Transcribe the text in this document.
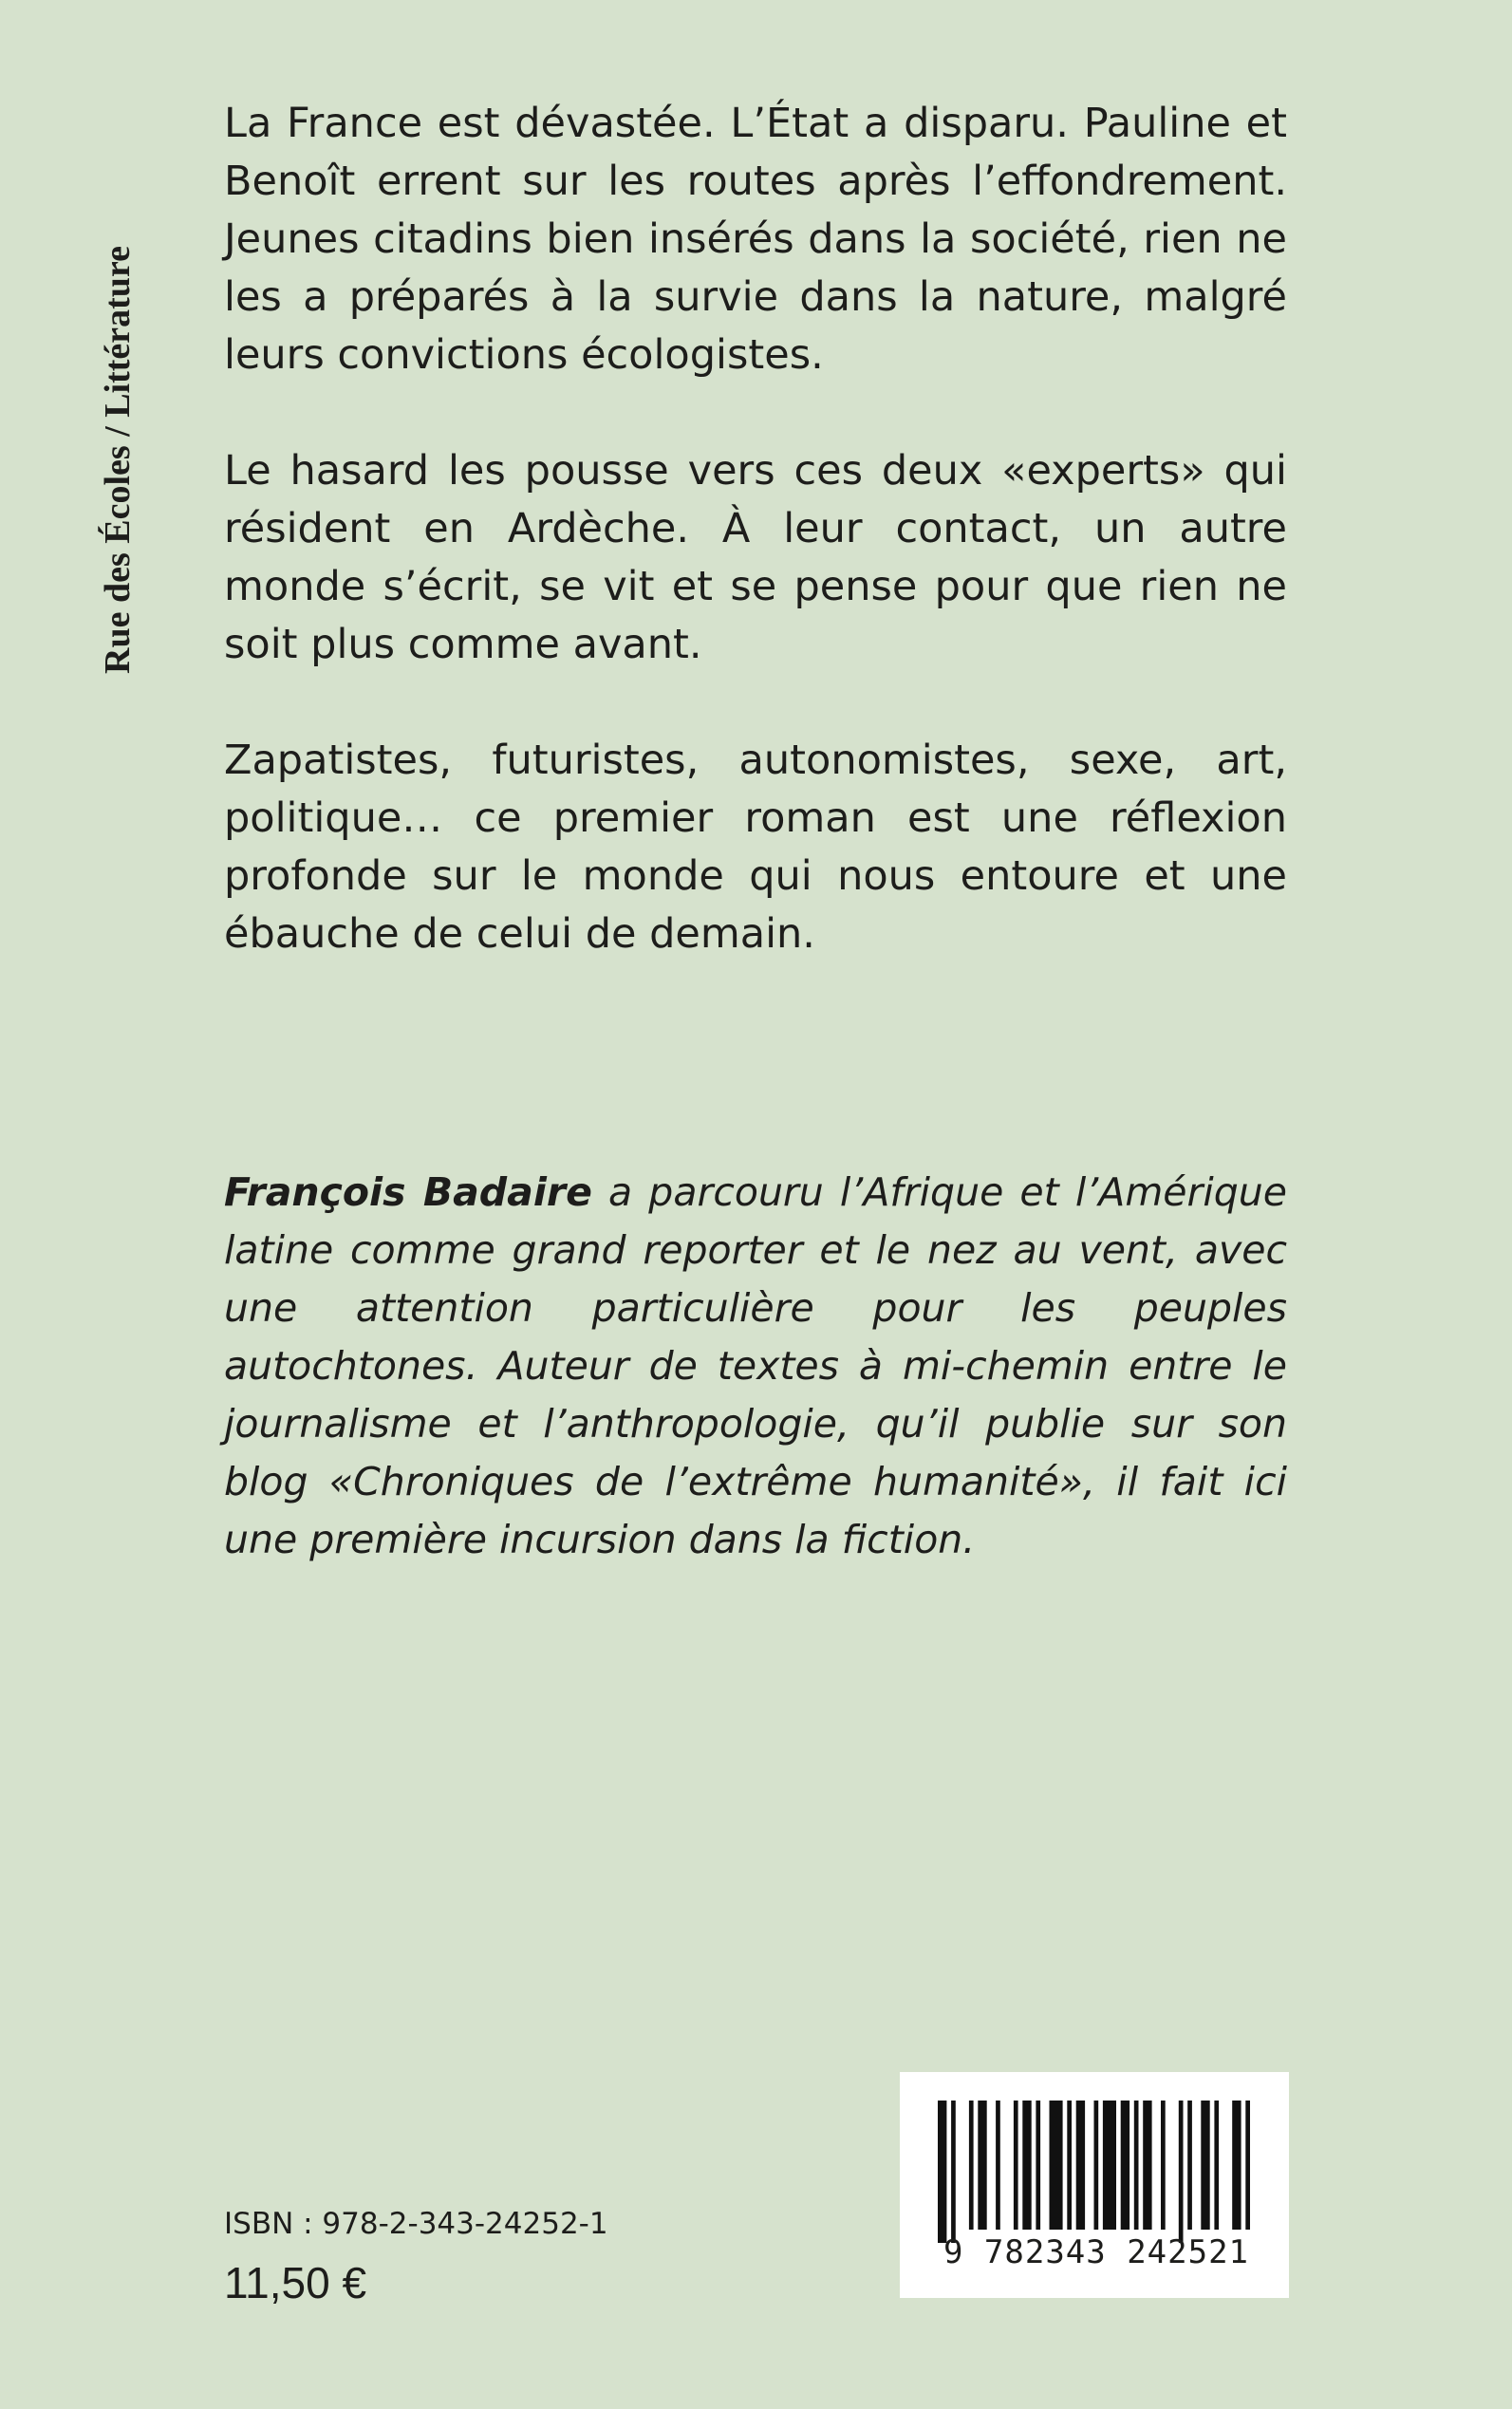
Rue des Écoles / Littérature

La France est dévastée. L’État a disparu. Pauline et Benoît errent sur les routes après l’effondrement. Jeunes citadins bien insérés dans la société, rien ne les a préparés à la survie dans la nature, malgré leurs convictions écologistes.

Le hasard les pousse vers ces deux «experts» qui résident en Ardèche. À leur contact, un autre monde s’écrit, se vit et se pense pour que rien ne soit plus comme avant.

Zapatistes, futuristes, autonomistes, sexe, art, politique… ce premier roman est une réflexion profonde sur le monde qui nous entoure et une ébauche de celui de demain.

François Badaire a parcouru l’Afrique et l’Amérique latine comme grand reporter et le nez au vent, avec une attention particulière pour les peuples autochtones. Auteur de textes à mi-chemin entre le journalisme et l’anthropologie, qu’il publie sur son blog «Chroniques de l’extrême humanité», il fait ici une première incursion dans la fiction.

ISBN : 978-2-343-24252-1
11,50 €
9 782343 242521
